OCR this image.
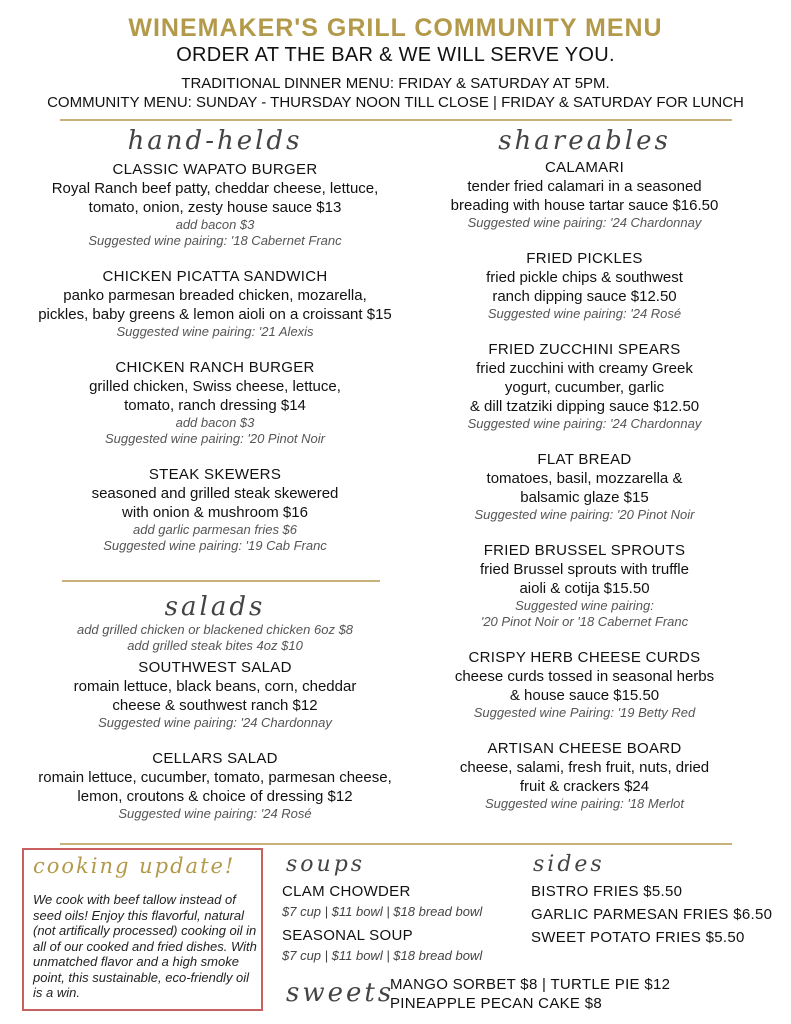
WINEMAKER'S GRILL COMMUNITY MENU
ORDER AT THE BAR & WE WILL SERVE YOU.
TRADITIONAL DINNER MENU: FRIDAY & SATURDAY AT 5PM.
COMMUNITY MENU: SUNDAY - THURSDAY NOON TILL CLOSE | FRIDAY & SATURDAY FOR LUNCH
hand-helds
CLASSIC WAPATO BURGER
Royal Ranch beef patty, cheddar cheese, lettuce,
tomato, onion, zesty house sauce $13
add bacon $3
Suggested wine pairing: '18 Cabernet Franc
CHICKEN PICATTA SANDWICH
panko parmesan breaded chicken, mozarella,
pickles, baby greens & lemon aioli on a croissant $15
Suggested wine pairing: '21 Alexis
CHICKEN RANCH BURGER
grilled chicken, Swiss cheese, lettuce,
tomato, ranch dressing $14
add bacon $3
Suggested wine pairing: '20 Pinot Noir
STEAK SKEWERS
seasoned and grilled steak skewered
with onion & mushroom $16
add garlic parmesan fries $6
Suggested wine pairing: '19 Cab Franc
salads
add grilled chicken or blackened chicken 6oz $8
add grilled steak bites 4oz $10
SOUTHWEST SALAD
romain lettuce, black beans, corn, cheddar
cheese & southwest ranch $12
Suggested wine pairing: '24 Chardonnay
CELLARS SALAD
romain lettuce, cucumber, tomato, parmesan cheese,
lemon, croutons & choice of dressing $12
Suggested wine pairing: '24 Rosé
shareables
CALAMARI
tender fried calamari in a seasoned
breading with house tartar sauce $16.50
Suggested wine pairing: '24 Chardonnay
FRIED PICKLES
fried pickle chips & southwest
ranch dipping sauce $12.50
Suggested wine pairing: '24 Rosé
FRIED ZUCCHINI SPEARS
fried zucchini with creamy Greek
yogurt, cucumber, garlic
& dill tzatziki dipping sauce $12.50
Suggested wine pairing: '24 Chardonnay
FLAT BREAD
tomatoes, basil, mozzarella &
balsamic glaze $15
Suggested wine pairing: '20 Pinot Noir
FRIED BRUSSEL SPROUTS
fried Brussel sprouts with truffle
aioli & cotija $15.50
Suggested wine pairing:
'20 Pinot Noir or '18 Cabernet Franc
CRISPY HERB CHEESE CURDS
cheese curds tossed in seasonal herbs
& house sauce $15.50
Suggested wine Pairing: '19 Betty Red
ARTISAN CHEESE BOARD
cheese, salami, fresh fruit, nuts, dried
fruit & crackers $24
Suggested wine pairing: '18 Merlot
cooking update!
We cook with beef tallow instead of seed oils! Enjoy this flavorful, natural (not artifically processed) cooking oil in all of our cooked and fried dishes. With unmatched flavor and a high smoke point, this sustainable, eco-friendly oil is a win.
soups
CLAM CHOWDER
$7 cup | $11 bowl | $18 bread bowl
SEASONAL SOUP
$7 cup | $11 bowl | $18 bread bowl
sides
BISTRO FRIES $5.50
GARLIC PARMESAN FRIES $6.50
SWEET POTATO FRIES $5.50
sweets
MANGO SORBET $8 | TURTLE PIE $12
PINEAPPLE PECAN CAKE $8
